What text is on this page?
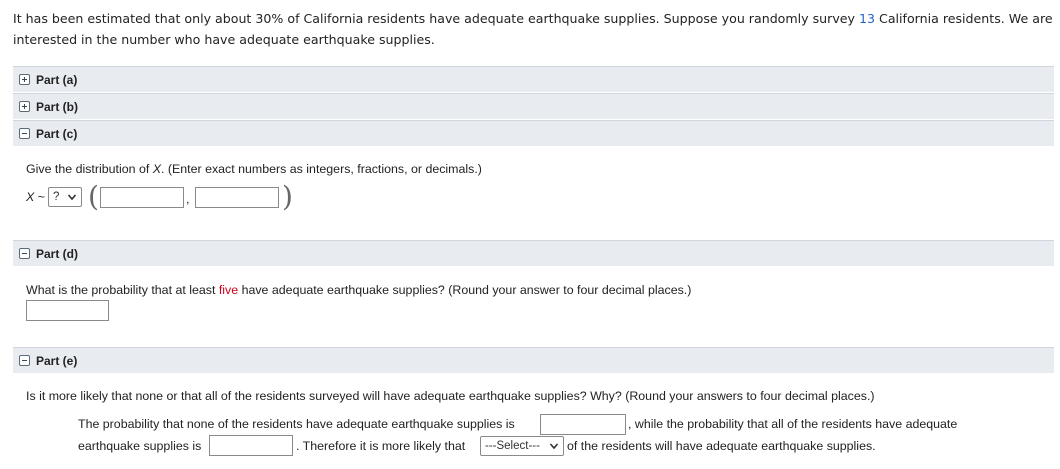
It has been estimated that only about 30% of California residents have adequate earthquake supplies. Suppose you randomly survey 13 California residents. We are interested in the number who have adequate earthquake supplies.
Part (a)
Part (b)
Part (c)
Give the distribution of X. (Enter exact numbers as integers, fractions, or decimals.)
X ~ ? (	,	)
Part (d)
What is the probability that at least five have adequate earthquake supplies? (Round your answer to four decimal places.)
Part (e)
Is it more likely that none or that all of the residents surveyed will have adequate earthquake supplies? Why? (Round your answers to four decimal places.)
The probability that none of the residents have adequate earthquake supplies is	, while the probability that all of the residents have adequate
earthquake supplies is	. Therefore it is more likely that ---Select--- of the residents will have adequate earthquake supplies.
